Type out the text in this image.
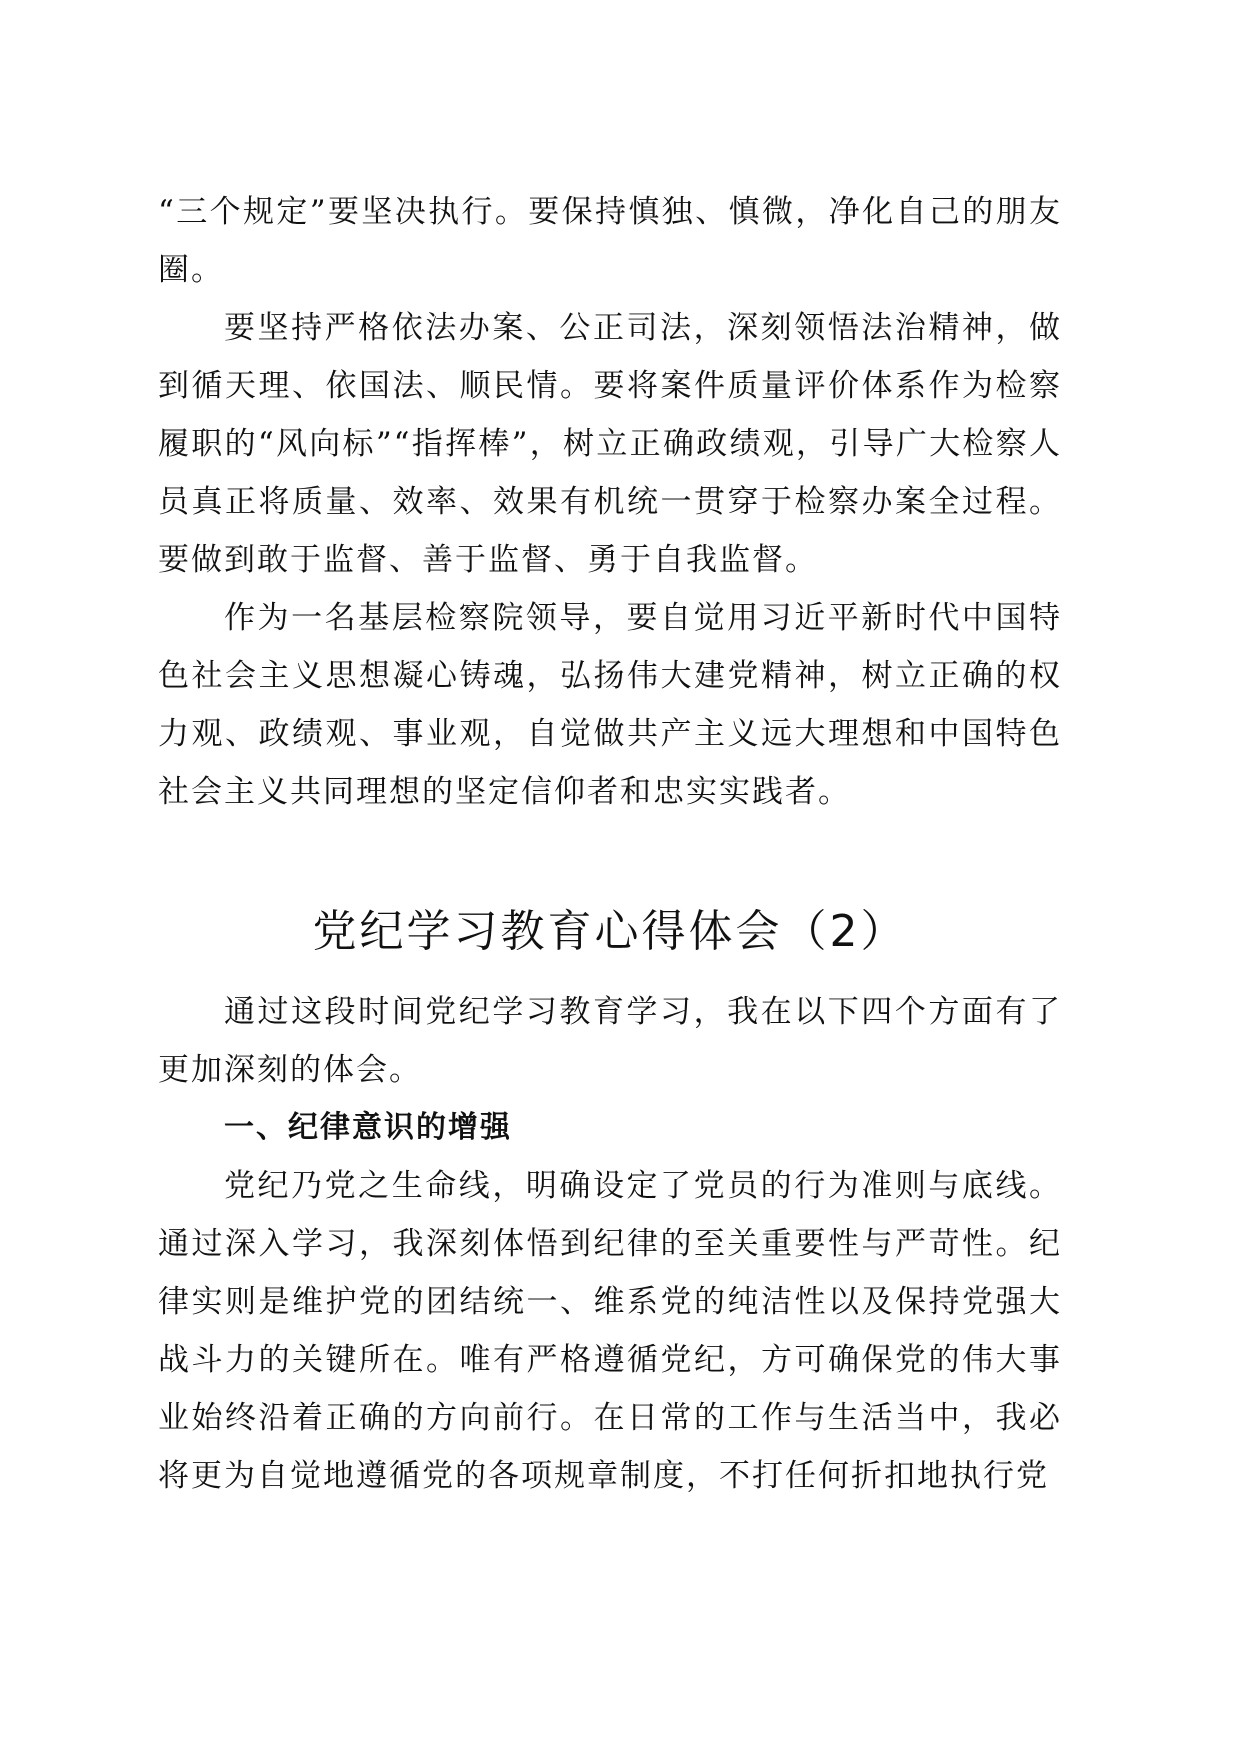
“三个规定”要坚决执行。要保持慎独、慎微，净化自己的朋友圈。

要坚持严格依法办案、公正司法，深刻领悟法治精神，做到循天理、依国法、顺民情。要将案件质量评价体系作为检察履职的“风向标”“指挥棒”，树立正确政绩观，引导广大检察人员真正将质量、效率、效果有机统一贯穿于检察办案全过程。要做到敢于监督、善于监督、勇于自我监督。

作为一名基层检察院领导，要自觉用习近平新时代中国特色社会主义思想凝心铸魂，弘扬伟大建党精神，树立正确的权力观、政绩观、事业观，自觉做共产主义远大理想和中国特色社会主义共同理想的坚定信仰者和忠实实践者。

党纪学习教育心得体会（2）

通过这段时间党纪学习教育学习，我在以下四个方面有了更加深刻的体会。

一、纪律意识的增强

党纪乃党之生命线，明确设定了党员的行为准则与底线。通过深入学习，我深刻体悟到纪律的至关重要性与严苛性。纪律实则是维护党的团结统一、维系党的纯洁性以及保持党强大战斗力的关键所在。唯有严格遵循党纪，方可确保党的伟大事业始终沿着正确的方向前行。在日常的工作与生活当中，我必将更为自觉地遵循党的各项规章制度，不打任何折扣地执行党
